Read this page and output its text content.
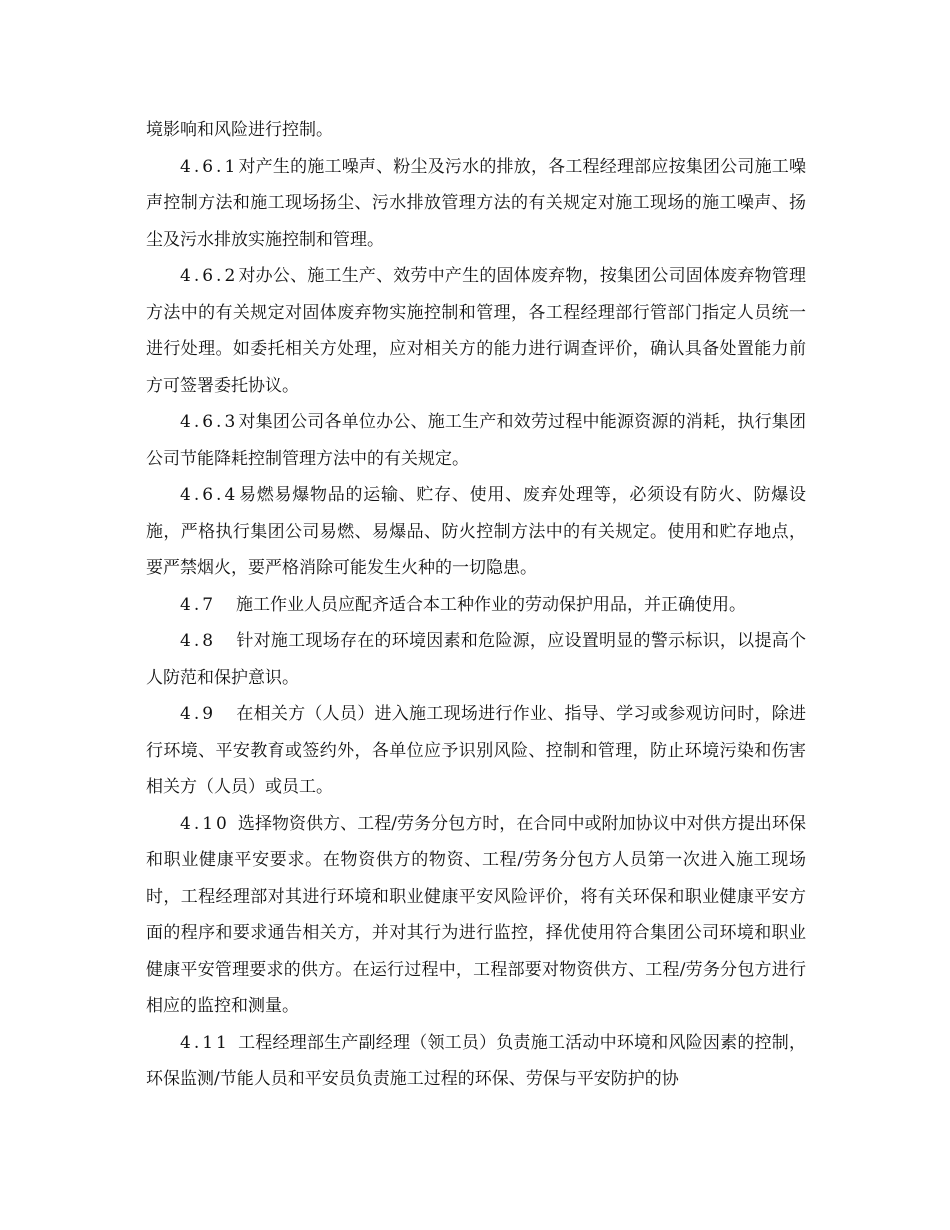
境影响和风险进行控制。

4.6.1对产生的施工噪声、粉尘及污水的排放，各工程经理部应按集团公司施工噪声控制方法和施工现场扬尘、污水排放管理方法的有关规定对施工现场的施工噪声、扬尘及污水排放实施控制和管理。

4.6.2对办公、施工生产、效劳中产生的固体废弃物，按集团公司固体废弃物管理方法中的有关规定对固体废弃物实施控制和管理，各工程经理部行管部门指定人员统一进行处理。如委托相关方处理，应对相关方的能力进行调查评价，确认具备处置能力前方可签署委托协议。

4.6.3对集团公司各单位办公、施工生产和效劳过程中能源资源的消耗，执行集团公司节能降耗控制管理方法中的有关规定。

4.6.4易燃易爆物品的运输、贮存、使用、废弃处理等，必须设有防火、防爆设施，严格执行集团公司易燃、易爆品、防火控制方法中的有关规定。使用和贮存地点，要严禁烟火，要严格消除可能发生火种的一切隐患。

4.7 施工作业人员应配齐适合本工种作业的劳动保护用品，并正确使用。

4.8 针对施工现场存在的环境因素和危险源，应设置明显的警示标识，以提高个人防范和保护意识。

4.9 在相关方（人员）进入施工现场进行作业、指导、学习或参观访问时，除进行环境、平安教育或签约外，各单位应予识别风险、控制和管理，防止环境污染和伤害相关方（人员）或员工。

4.10 选择物资供方、工程/劳务分包方时，在合同中或附加协议中对供方提出环保和职业健康平安要求。在物资供方的物资、工程/劳务分包方人员第一次进入施工现场时，工程经理部对其进行环境和职业健康平安风险评价，将有关环保和职业健康平安方面的程序和要求通告相关方，并对其行为进行监控，择优使用符合集团公司环境和职业健康平安管理要求的供方。在运行过程中，工程部要对物资供方、工程/劳务分包方进行相应的监控和测量。

4.11 工程经理部生产副经理（领工员）负责施工活动中环境和风险因素的控制，环保监测/节能人员和平安员负责施工过程的环保、劳保与平安防护的协
